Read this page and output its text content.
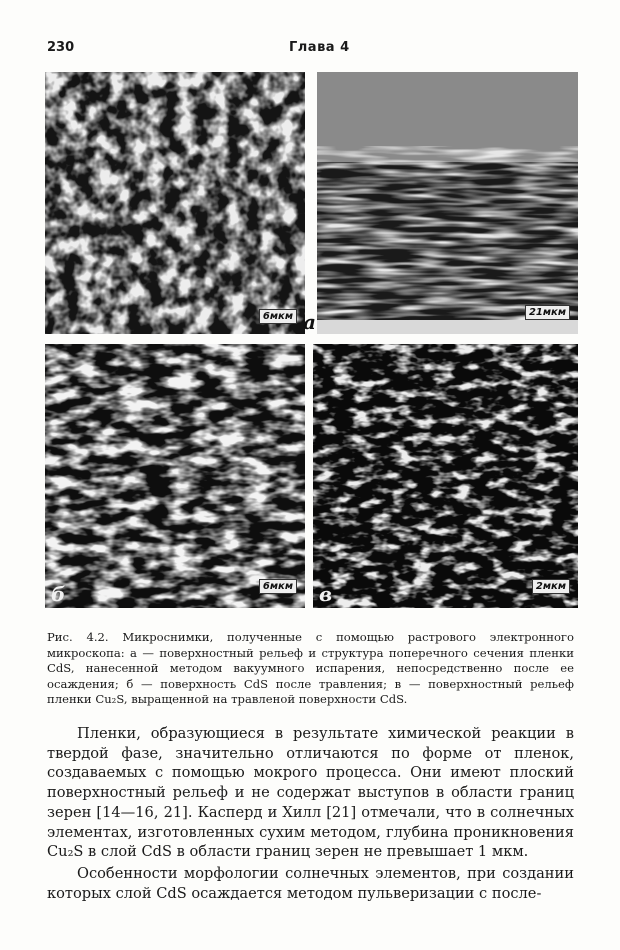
230	Глава 4
6мкм	21мкм
а
6мкм
б	2мкм
в

Рис. 4.2. Микроснимки, полученные с помощью растрового электронного микроскопа: а — поверхностный рельеф и структура поперечного сечения пленки CdS, нанесенной методом вакуумного испарения, непосредственно после ее осаждения; б — поверхность CdS после травления; в — поверхностный рельеф пленки Cu₂S, выращенной на травленой поверхности CdS.

Пленки, образующиеся в результате химической реакции в твердой фазе, значительно отличаются по форме от пленок, создаваемых с помощью мокрого процесса. Они имеют плоский поверхностный рельеф и не содержат выступов в области границ зерен [14—16, 21]. Касперд и Хилл [21] отмечали, что в солнечных элементах, изготовленных сухим методом, глубина проникновения Cu₂S в слой CdS в области границ зерен не превышает 1 мкм.

Особенности морфологии солнечных элементов, при создании которых слой CdS осаждается методом пульверизации с после-
